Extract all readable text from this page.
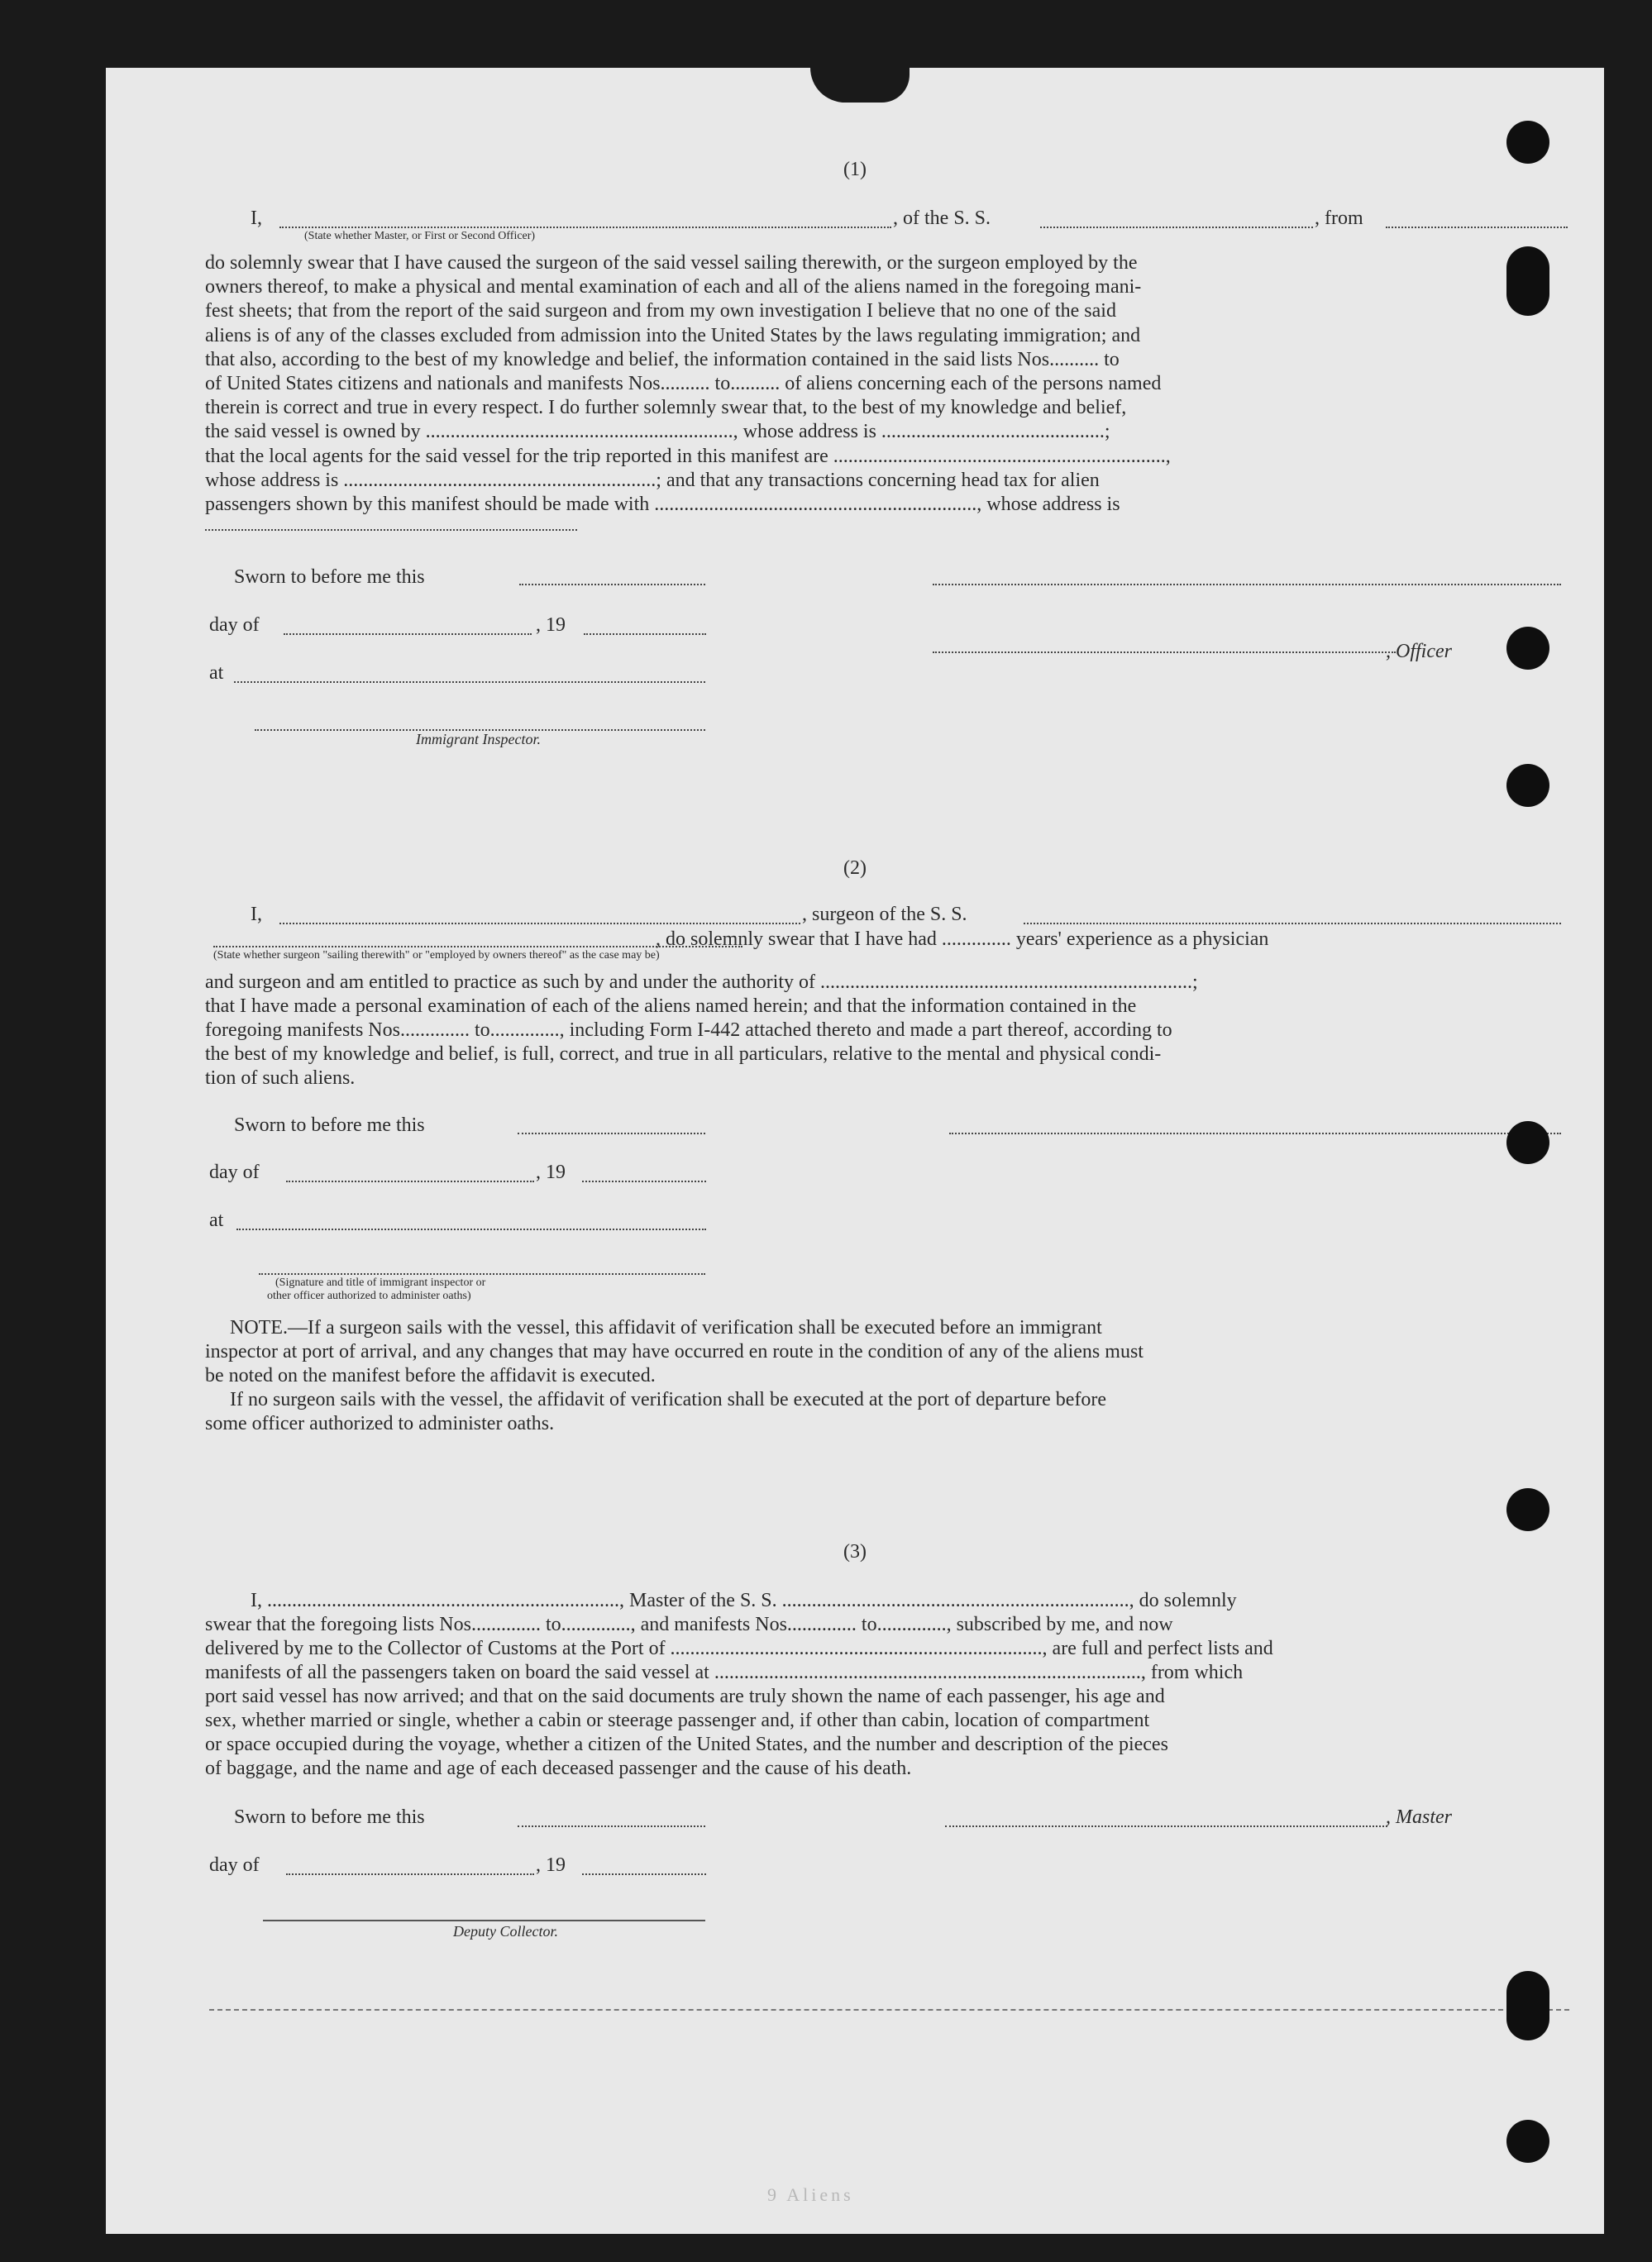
(1)
I,
(State whether Master, or First or Second Officer)
, of the S. S.	, from
do solemnly swear that I have caused the surgeon of the said vessel sailing therewith, or the surgeon employed by the
owners thereof, to make a physical and mental examination of each and all of the aliens named in the foregoing mani-
fest sheets; that from the report of the said surgeon and from my own investigation I believe that no one of the said
aliens is of any of the classes excluded from admission into the United States by the laws regulating immigration; and
that also, according to the best of my knowledge and belief, the information contained in the said lists Nos.......... to
of United States citizens and nationals and manifests Nos.......... to.......... of aliens concerning each of the persons named
therein is correct and true in every respect. I do further solemnly swear that, to the best of my knowledge and belief,
the said vessel is owned by .............................................................., whose address is .............................................;
that the local agents for the said vessel for the trip reported in this manifest are ...................................................................,
whose address is ...............................................................; and that any transactions concerning head tax for alien
passengers shown by this manifest should be made with ................................................................., whose address is
Sworn to before me this
day of	, 19
, Officer
at
Immigrant Inspector.
(2)
I,	, surgeon of the S. S.
, do solemnly swear that I have had .............. years' experience as a physician
(State whether surgeon "sailing therewith" or "employed by owners thereof" as the case may be)
and surgeon and am entitled to practice as such by and under the authority of ...........................................................................;
that I have made a personal examination of each of the aliens named herein; and that the information contained in the
foregoing manifests Nos.............. to.............., including Form I-442 attached thereto and made a part thereof, according to
the best of my knowledge and belief, is full, correct, and true in all particulars, relative to the mental and physical condi-
tion of such aliens.
Sworn to before me this
day of	, 19
at
(Signature and title of immigrant inspector or
other officer authorized to administer oaths)
NOTE.—If a surgeon sails with the vessel, this affidavit of verification shall be executed before an immigrant
inspector at port of arrival, and any changes that may have occurred en route in the condition of any of the aliens must
be noted on the manifest before the affidavit is executed.
If no surgeon sails with the vessel, the affidavit of verification shall be executed at the port of departure before
some officer authorized to administer oaths.
(3)
I, ......................................................................., Master of the S. S. ......................................................................, do solemnly
swear that the foregoing lists Nos.............. to.............., and manifests Nos.............. to.............., subscribed by me, and now
delivered by me to the Collector of Customs at the Port of ..........................................................................., are full and perfect lists and
manifests of all the passengers taken on board the said vessel at ......................................................................................, from which
port said vessel has now arrived; and that on the said documents are truly shown the name of each passenger, his age and
sex, whether married or single, whether a cabin or steerage passenger and, if other than cabin, location of compartment
or space occupied during the voyage, whether a citizen of the United States, and the number and description of the pieces
of baggage, and the name and age of each deceased passenger and the cause of his death.
Sworn to before me this	, Master
day of	, 19
Deputy Collector.
9 Aliens
